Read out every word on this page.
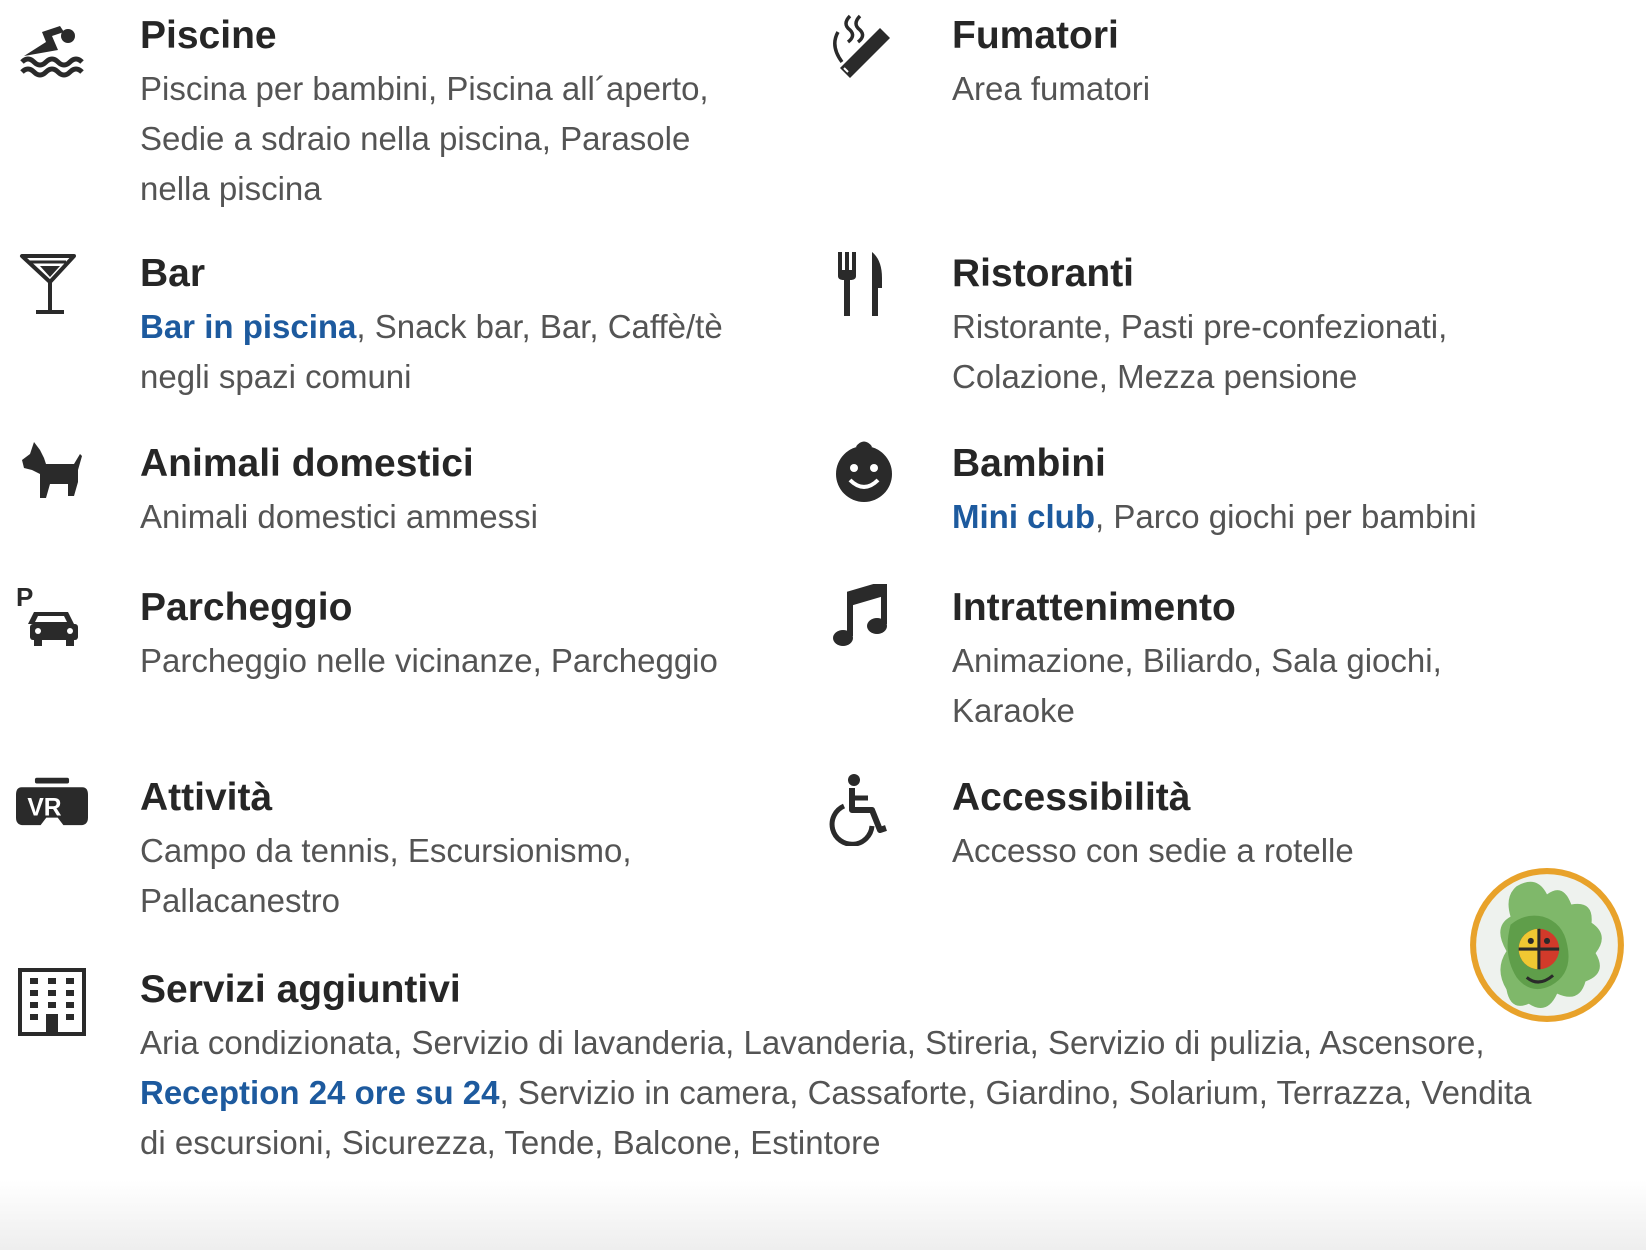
Piscine
Piscina per bambini, Piscina all´aperto, Sedie a sdraio nella piscina, Parasole nella piscina
Fumatori
Area fumatori
Bar
Bar in piscina, Snack bar, Bar, Caffè/tè negli spazi comuni
Ristoranti
Ristorante, Pasti pre-confezionati, Colazione, Mezza pensione
Animali domestici
Animali domestici ammessi
Bambini
Mini club, Parco giochi per bambini
P	Parcheggio
Parcheggio nelle vicinanze, Parcheggio
Intrattenimento
Animazione, Biliardo, Sala giochi, Karaoke
VR Attività
Campo da tennis, Escursionismo, Pallacanestro
Accessibilità
Accesso con sedie a rotelle
Servizi aggiuntivi
Aria condizionata, Servizio di lavanderia, Lavanderia, Stireria, Servizio di pulizia, Ascensore, Reception 24 ore su 24, Servizio in camera, Cassaforte, Giardino, Solarium, Terrazza, Vendita di escursioni, Sicurezza, Tende, Balcone, Estintore
